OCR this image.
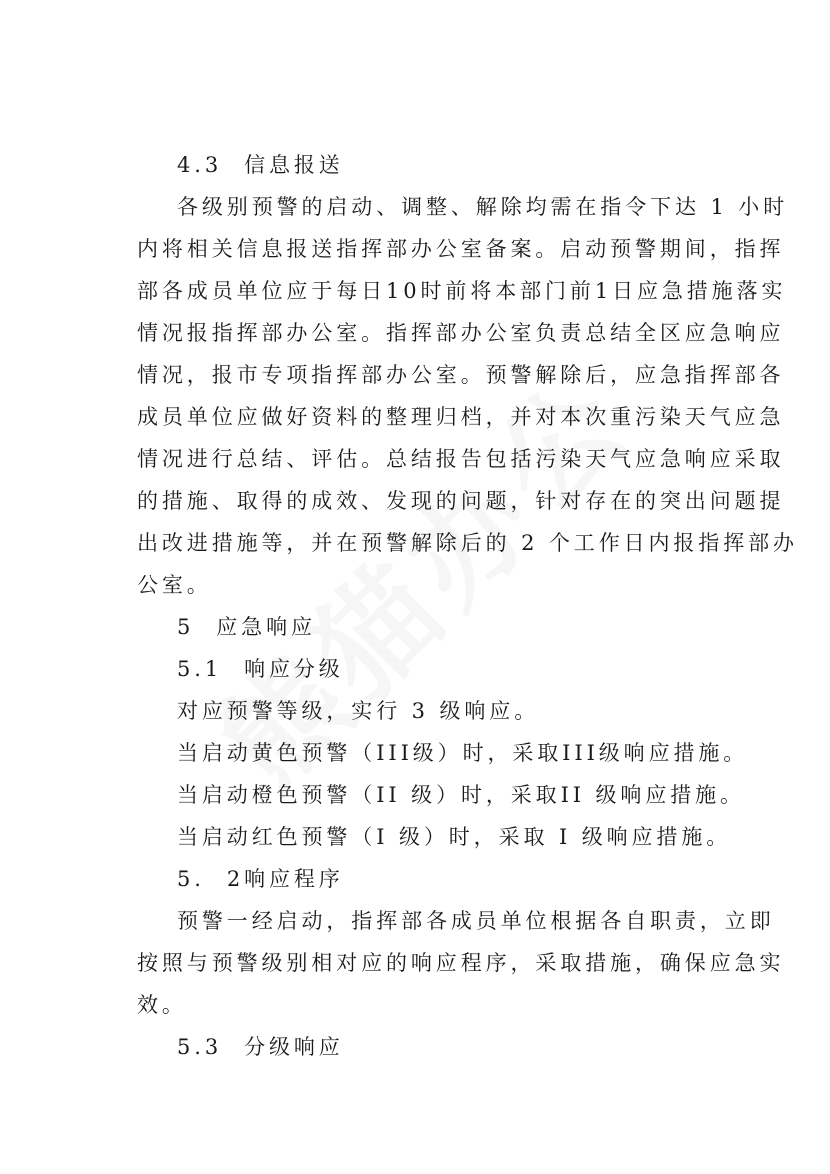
4.3 信息报送
各级别预警的启动、调整、解除均需在指令下达 1 小时
内将相关信息报送指挥部办公室备案。启动预警期间，指挥
部各成员单位应于每日10时前将本部门前1日应急措施落实
情况报指挥部办公室。指挥部办公室负责总结全区应急响应
情况，报市专项指挥部办公室。预警解除后，应急指挥部各
成员单位应做好资料的整理归档，并对本次重污染天气应急
情况进行总结、评估。总结报告包括污染天气应急响应采取
的措施、取得的成效、发现的问题，针对存在的突出问题提
出改进措施等，并在预警解除后的 2 个工作日内报指挥部办
公室。
5 应急响应
5.1 响应分级
对应预警等级，实行 3 级响应。
当启动黄色预警（III级）时，采取III级响应措施。
当启动橙色预警（II 级）时，采取II 级响应措施。
当启动红色预警（I 级）时，采取 I 级响应措施。
5. 2响应程序
预警一经启动，指挥部各成员单位根据各自职责，立即
按照与预警级别相对应的响应程序，采取措施，确保应急实
效。
5.3 分级响应
